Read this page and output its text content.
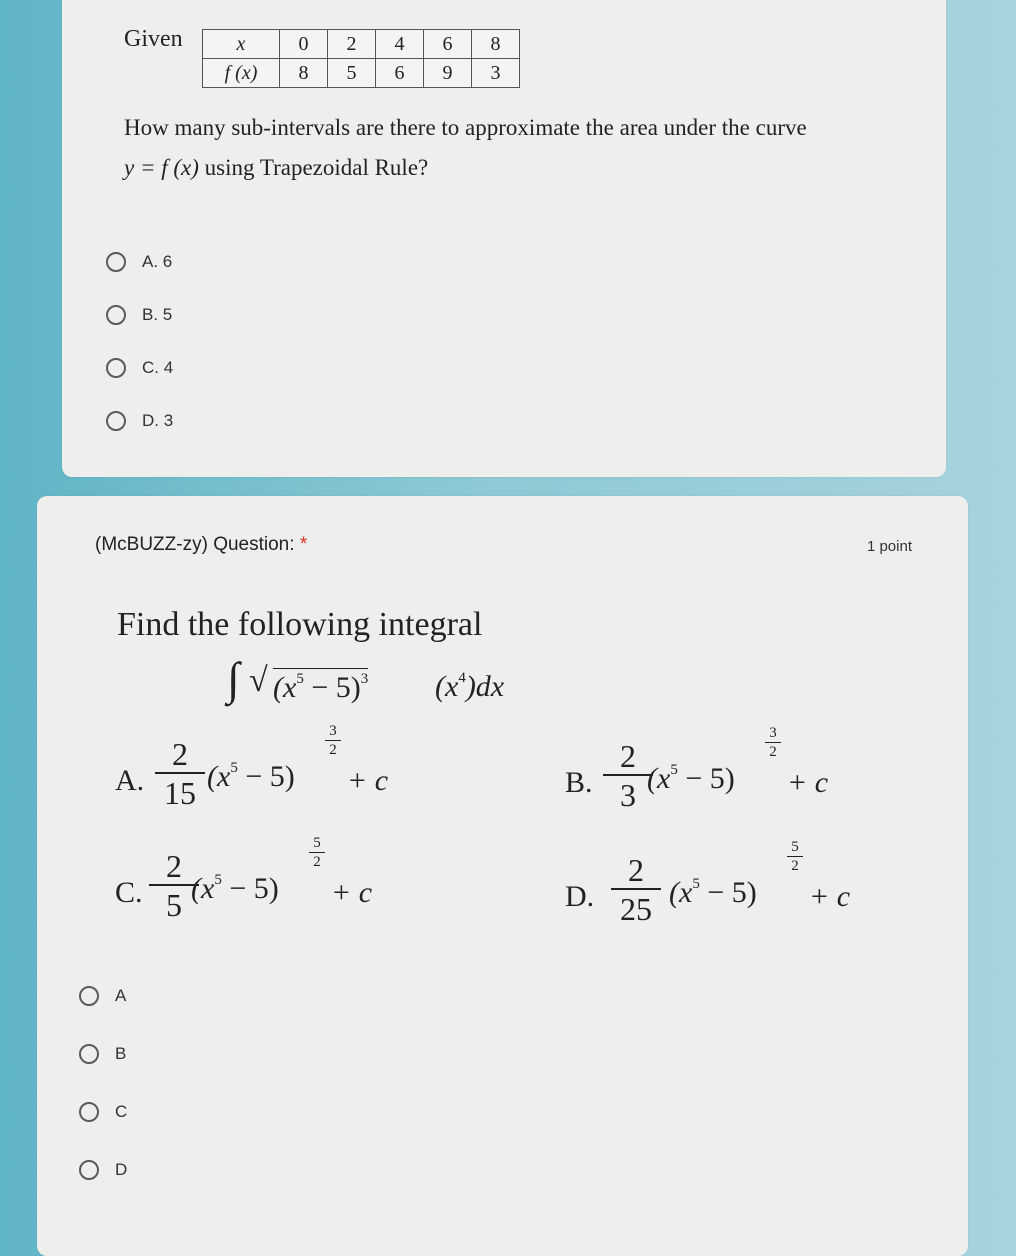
Given	x	0	2	4	6	8
f (x)	8	5	6	9	3
How many sub-intervals are there to approximate the area under the curve
y = f (x) using Trapezoidal Rule?
A. 6
B. 5
C. 4
D. 3
(McBUZZ-zy) Question: *	1 point
Find the following integral
∫ √ $(x^5 - 5)^3$ $(x^4)dx$
A. $\frac{2}{15} (x^5 - 5)$
$\frac{3}{2}$
+ c	B. $\frac{2}{3}$
$(x^5 - 5)$
$\frac{3}{2}$
+ c
C. $\frac{2}{5}$
$(x^5 - 5)$
$\frac{5}{2}$
+ c	D. $\frac{2}{25} (x^5 - 5)$
$\frac{5}{2}$
+ c
A
B
C
D
